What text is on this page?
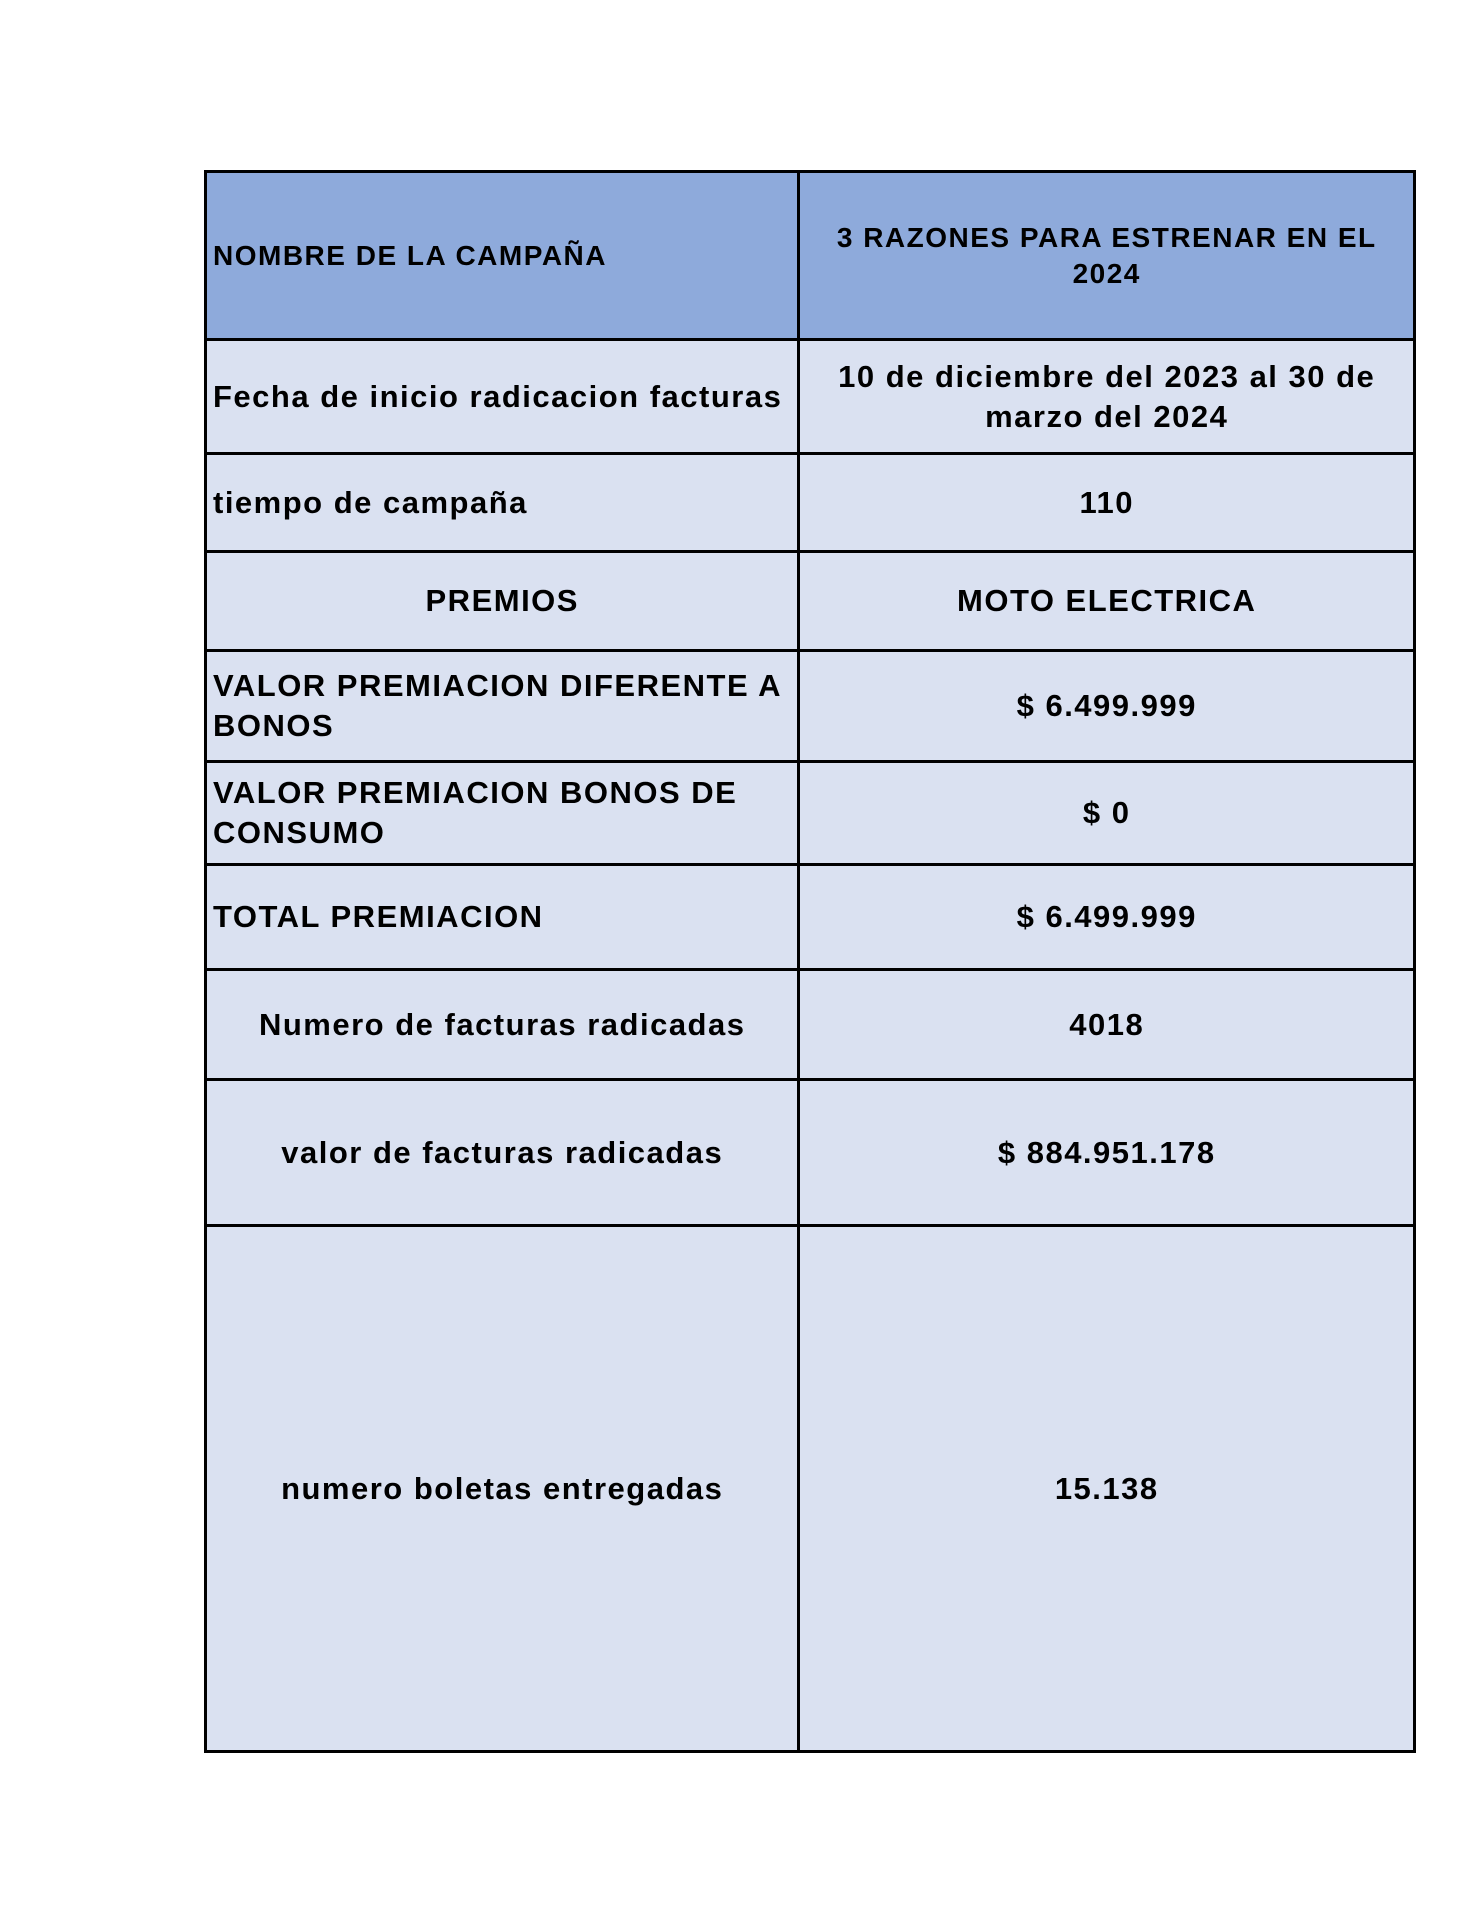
NOMBRE DE LA CAMPAÑA	3 RAZONES PARA ESTRENAR EN EL 2024
Fecha de inicio radicacion facturas	10 de diciembre del 2023 al 30 de marzo del 2024
tiempo de campaña	110
PREMIOS	MOTO ELECTRICA
VALOR PREMIACION DIFERENTE A BONOS	$ 6.499.999
VALOR PREMIACION BONOS DE CONSUMO	$ 0
TOTAL PREMIACION	$ 6.499.999
Numero de facturas radicadas	4018
valor de facturas radicadas	$ 884.951.178
numero boletas entregadas	15.138
